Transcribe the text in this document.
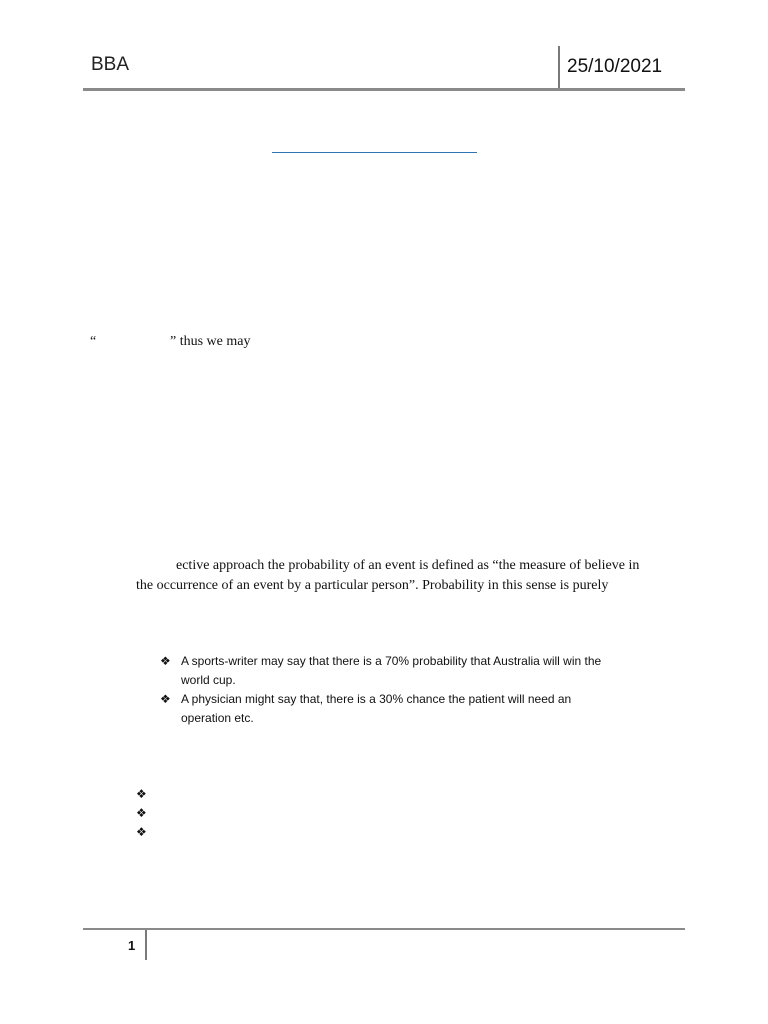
BBA	25/10/2021
“	” thus we may
ective approach the probability of an event is defined as “the measure of believe in
the occurrence of an event by a particular person”. Probability in this sense is purely
❖ A sports-writer may say that there is a 70% probability that Australia will win the
world cup.
❖ A physician might say that, there is a 30% chance the patient will need an
operation etc.
❖
❖
❖
1
